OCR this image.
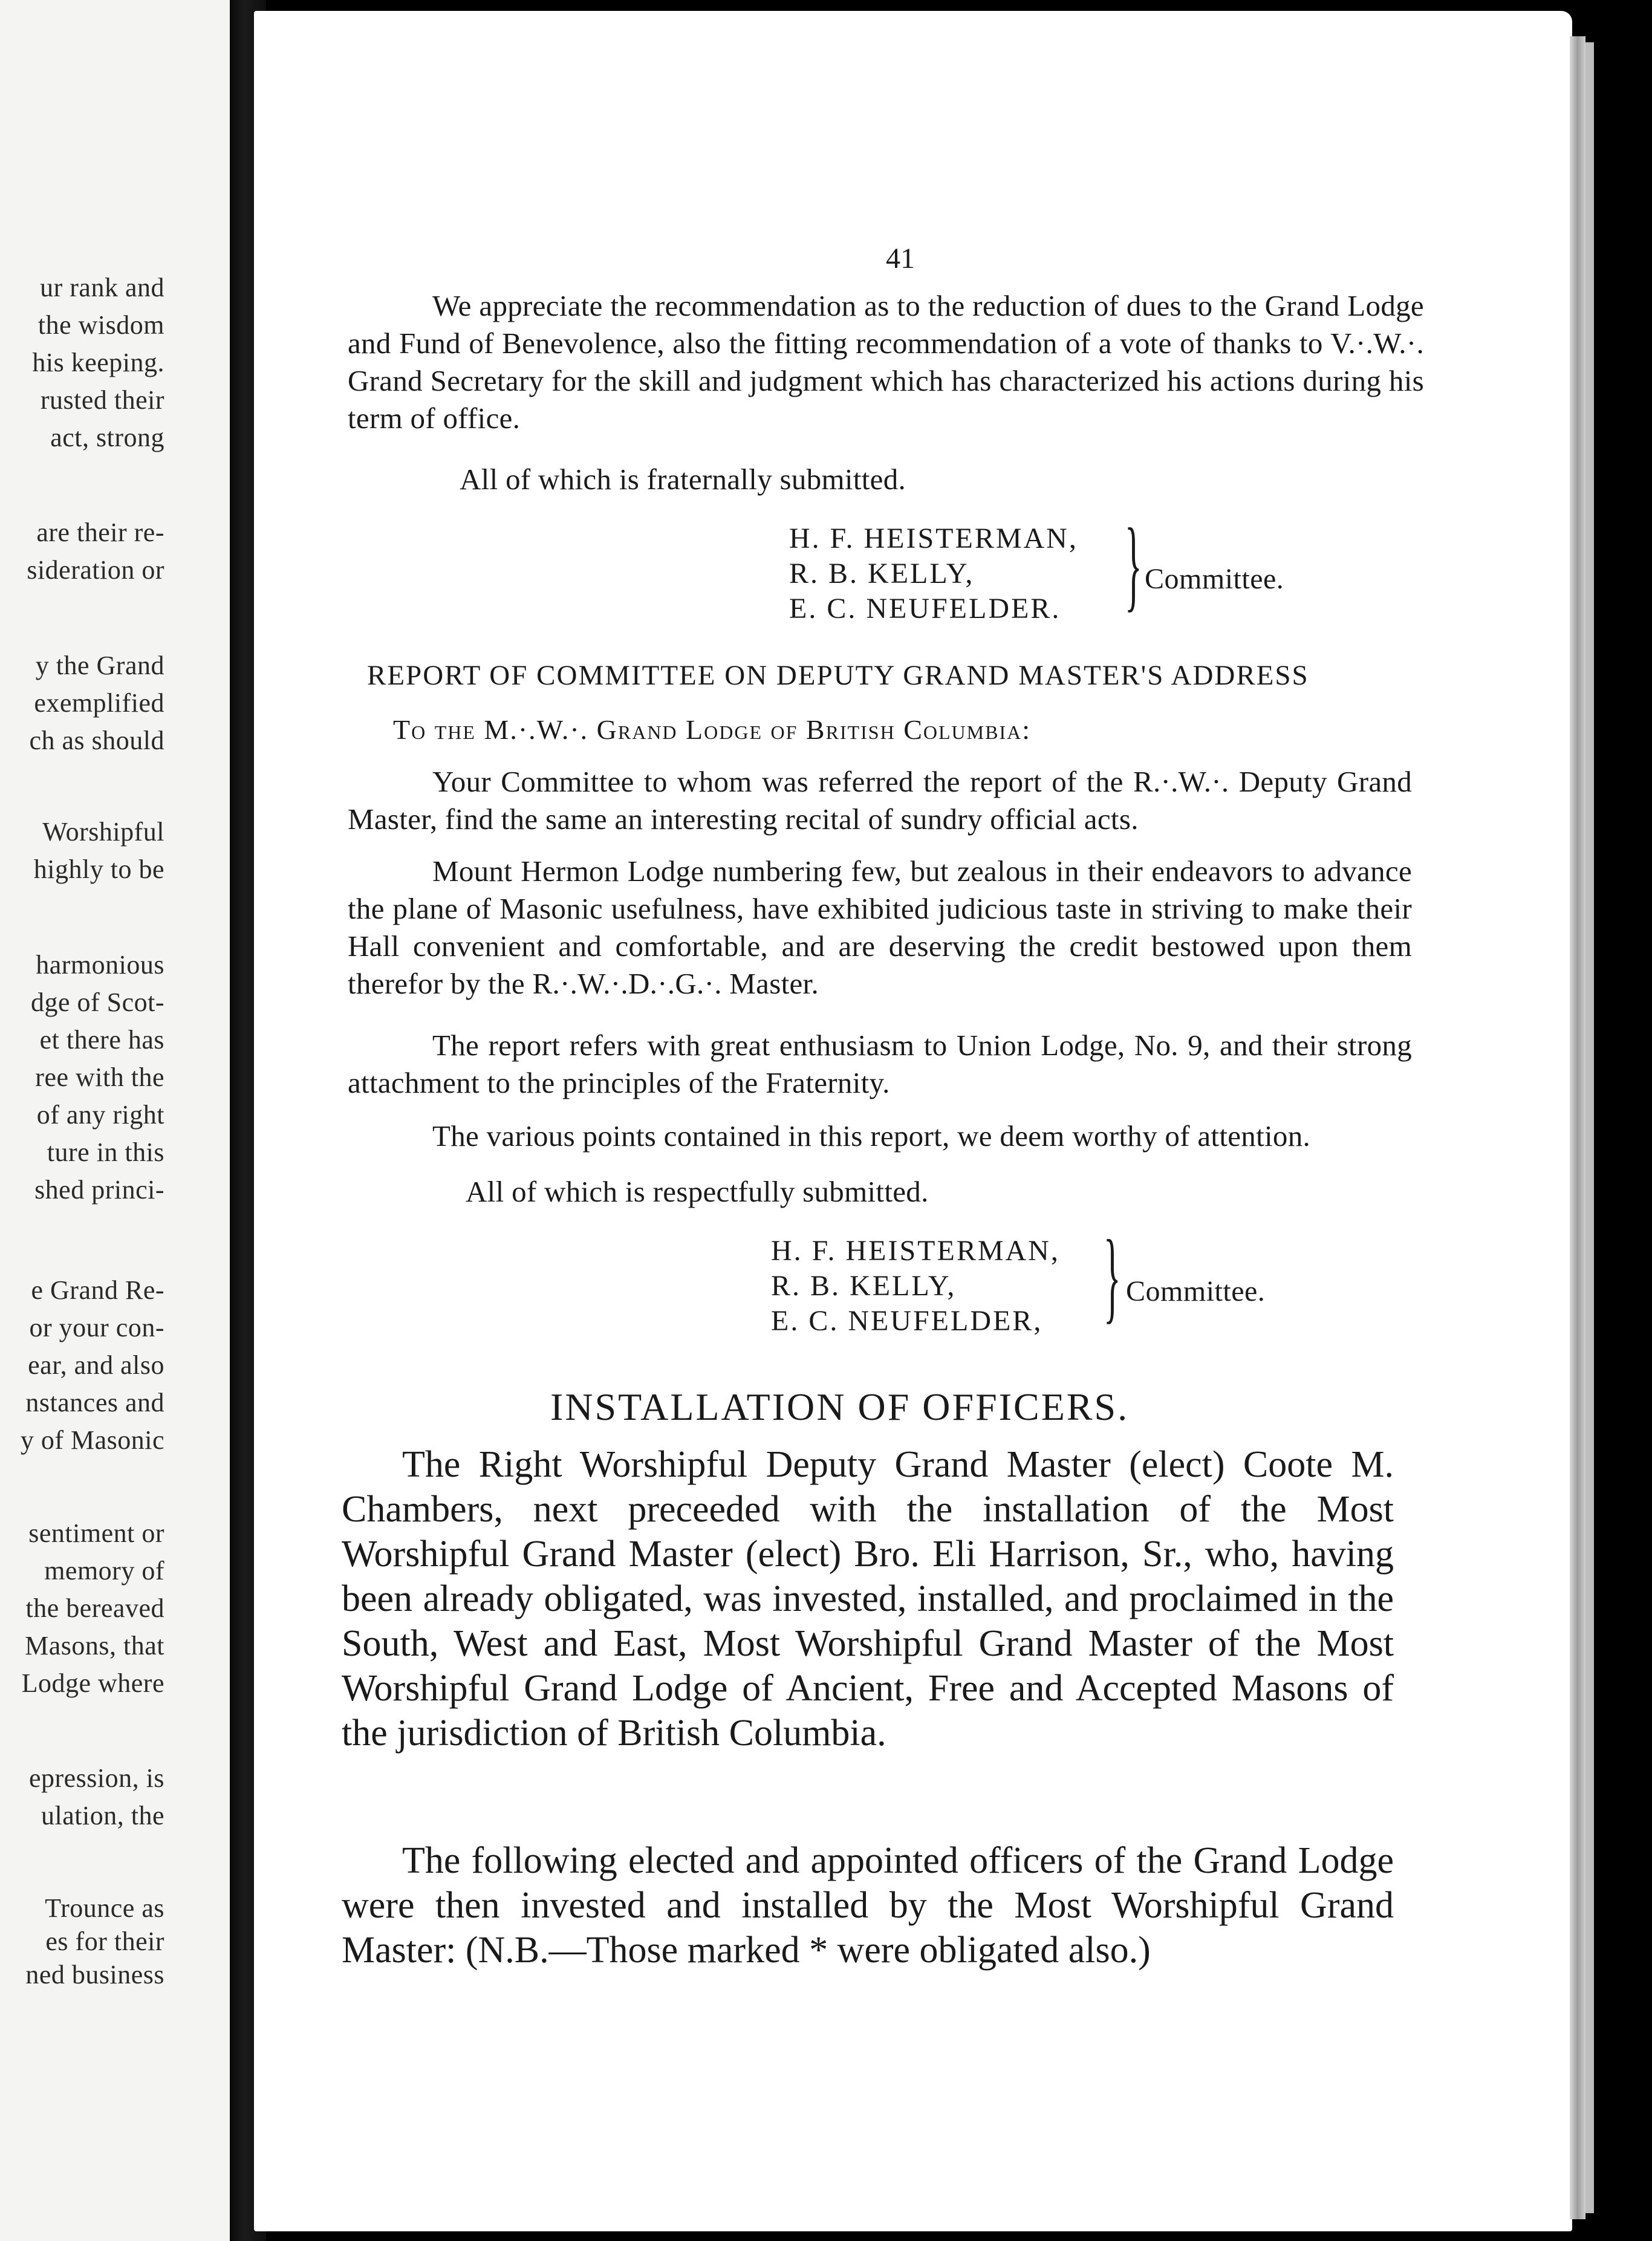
ur rank and
the wisdom
his keeping.
rusted their
act, strong
are their re-
sideration or
y the Grand
exemplified
ch as should
Worshipful
highly to be
harmonious
dge of Scot-
et there has
ree with the
of any right
ture in this
shed princi-
e Grand Re-
or your con-
ear, and also
nstances and
y of Masonic
sentiment or
memory of
the bereaved
Masons, that
Lodge where
epression, is
ulation, the
Trounce as
es for their
ned business
41
We appreciate the recommendation as to the reduction of dues to the Grand Lodge and Fund of Benevolence, also the fitting recommendation of a vote of thanks to V.·.W.·. Grand Secretary for the skill and judgment which has characterized his actions during his term of office.
All of which is fraternally submitted.
H. F. HEISTERMAN,
R. B. KELLY,
E. C. NEUFELDER. } Committee.
REPORT OF COMMITTEE ON DEPUTY GRAND MASTER'S ADDRESS
To the M.·.W.·. Grand Lodge of British Columbia:
Your Committee to whom was referred the report of the R.·.W.·. Deputy Grand Master, find the same an interesting recital of sundry official acts.
Mount Hermon Lodge numbering few, but zealous in their endeavors to advance the plane of Masonic usefulness, have exhibited judicious taste in striving to make their Hall convenient and comfortable, and are deserving the credit bestowed upon them therefor by the R.·.W.·.D.·.G.·. Master.
The report refers with great enthusiasm to Union Lodge, No. 9, and their strong attachment to the principles of the Fraternity.
The various points contained in this report, we deem worthy of attention.
All of which is respectfully submitted.
H. F. HEISTERMAN,
R. B. KELLY,
E. C. NEUFELDER, } Committee.
INSTALLATION OF OFFICERS.
The Right Worshipful Deputy Grand Master (elect) Coote M. Chambers, next preceeded with the installation of the Most Worshipful Grand Master (elect) Bro. Eli Harrison, Sr., who, having been already obligated, was invested, installed, and proclaimed in the South, West and East, Most Worshipful Grand Master of the Most Worshipful Grand Lodge of Ancient, Free and Accepted Masons of the jurisdiction of British Columbia.
The following elected and appointed officers of the Grand Lodge were then invested and installed by the Most Worshipful Grand Master: (N.B.—Those marked * were obligated also.)
